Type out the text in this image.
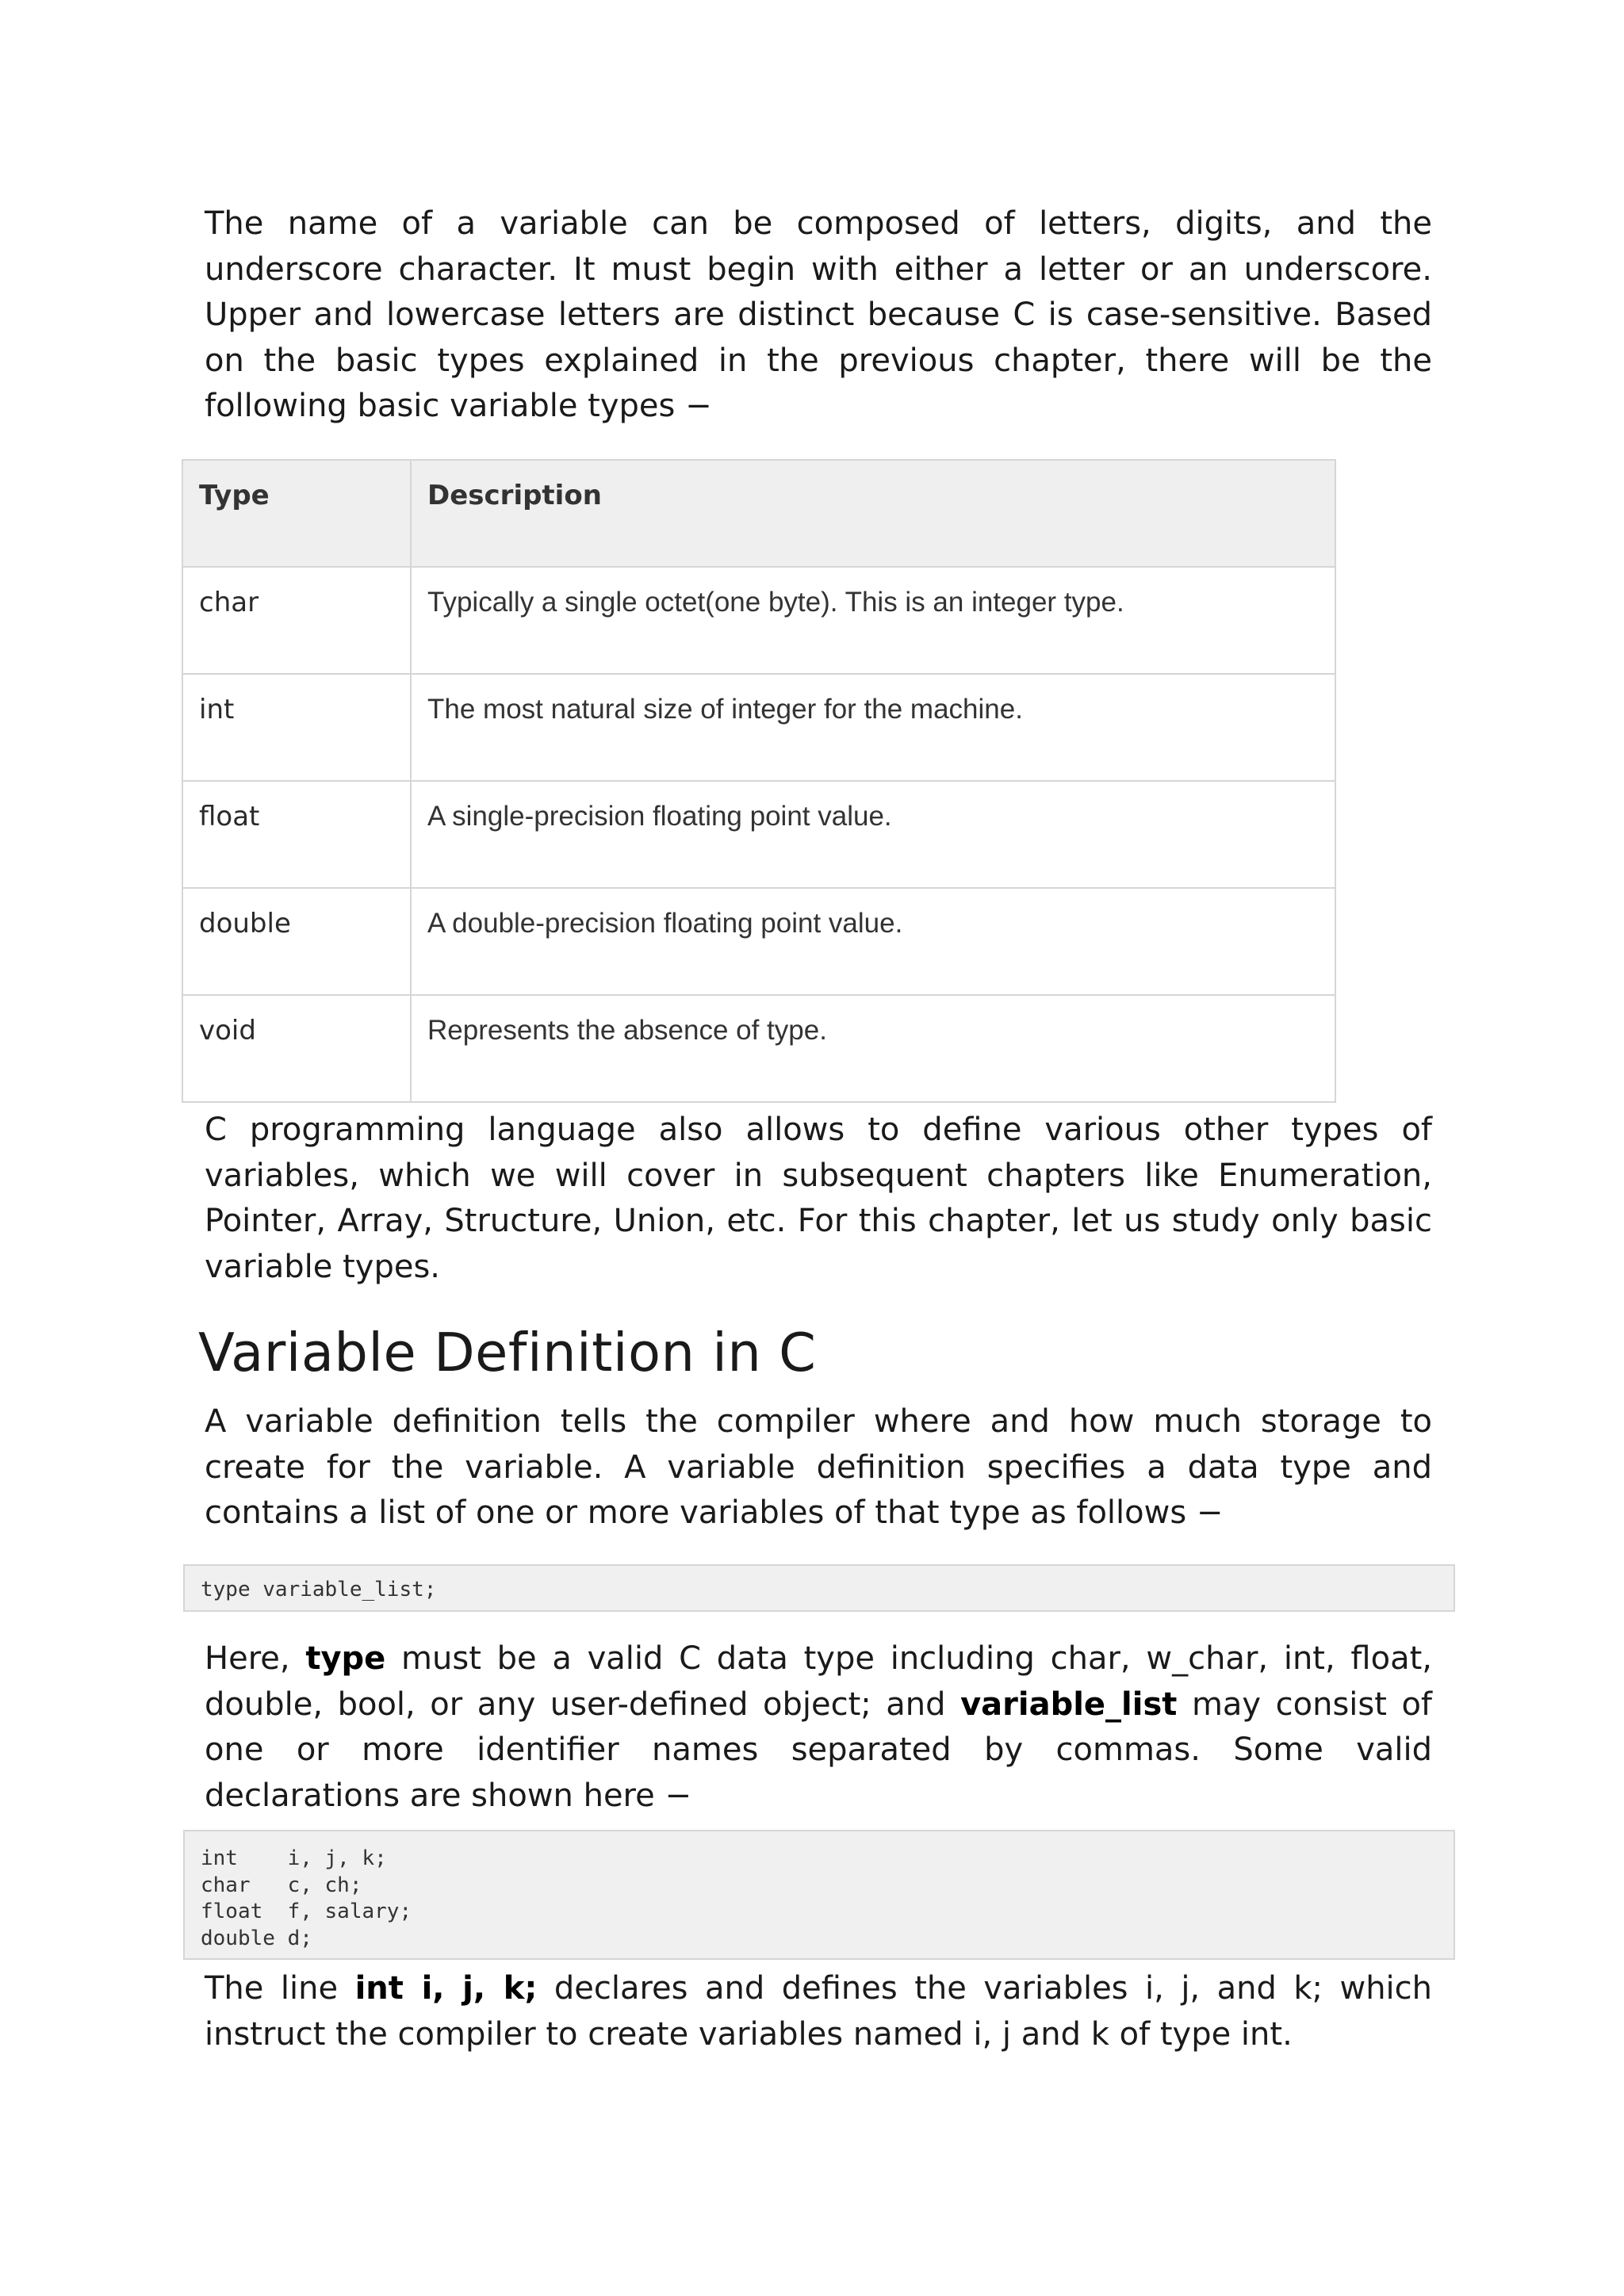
The name of a variable can be composed of letters, digits, and the underscore character. It must begin with either a letter or an underscore. Upper and lowercase letters are distinct because C is case-sensitive. Based on the basic types explained in the previous chapter, there will be the following basic variable types −

Type	Description
char	Typically a single octet(one byte). This is an integer type.
int	The most natural size of integer for the machine.
float	A single-precision floating point value.
double	A double-precision floating point value.
void	Represents the absence of type.

C programming language also allows to define various other types of variables, which we will cover in subsequent chapters like Enumeration, Pointer, Array, Structure, Union, etc. For this chapter, let us study only basic variable types.

Variable Definition in C

A variable definition tells the compiler where and how much storage to create for the variable. A variable definition specifies a data type and contains a list of one or more variables of that type as follows −

type variable_list;

Here, type must be a valid C data type including char, w_char, int, float, double, bool, or any user-defined object; and variable_list may consist of one or more identifier names separated by commas. Some valid declarations are shown here −

int    i, j, k;
char   c, ch;
float  f, salary;
double d;

The line int i, j, k; declares and defines the variables i, j, and k; which instruct the compiler to create variables named i, j and k of type int.
